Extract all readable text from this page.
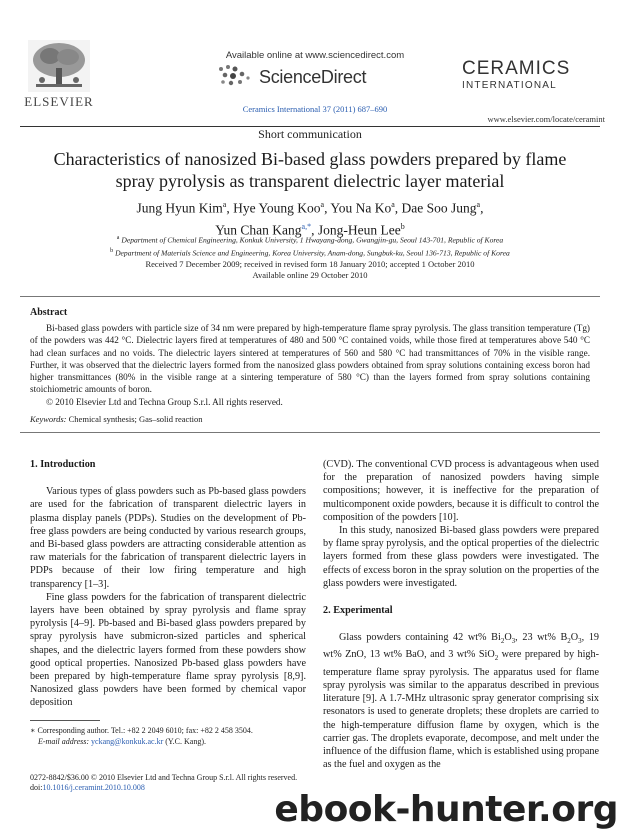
ELSEVIER
Available online at www.sciencedirect.com
ScienceDirect
Ceramics International 37 (2011) 687–690
CERAMICS
INTERNATIONAL
www.elsevier.com/locate/ceramint
Short communication
Characteristics of nanosized Bi-based glass powders prepared by flame spray pyrolysis as transparent dielectric layer material
Jung Hyun Kim$^a$, Hye Young Koo$^a$, You Na Ko$^a$, Dae Soo Jung$^a$,
Yun Chan Kang$^{a,*}$, Jong-Heun Lee$^b$
$^a$ Department of Chemical Engineering, Konkuk University, 1 Hwayang-dong, Gwangjin-gu, Seoul 143-701, Republic of Korea
$^b$ Department of Materials Science and Engineering, Korea University, Anam-dong, Sungbuk-ku, Seoul 136-713, Republic of Korea
Received 7 December 2009; received in revised form 18 January 2010; accepted 1 October 2010
Available online 29 October 2010
Abstract
Bi-based glass powders with particle size of 34 nm were prepared by high-temperature flame spray pyrolysis. The glass transition temperature (Tg) of the powders was 442 °C. Dielectric layers fired at temperatures of 480 and 500 °C contained voids, while those fired at temperatures above 540 °C had clean surfaces and no voids. The dielectric layers sintered at temperatures of 560 and 580 °C had transmittances of 70% in the visible range. Further, it was observed that the dielectric layers formed from the nanosized glass powders obtained from spray solutions containing excess boron had higher transmittances (80% in the visible range at a sintering temperature of 580 °C) than the layers formed from spray solutions containing stoichiometric amounts of boron.
© 2010 Elsevier Ltd and Techna Group S.r.l. All rights reserved.
Keywords: Chemical synthesis; Gas–solid reaction
1. Introduction

Various types of glass powders such as Pb-based glass powders are used for the fabrication of transparent dielectric layers in plasma display panels (PDPs). Studies on the development of Pb-free glass powders are being conducted by various research groups, and Bi-based glass powders are attracting considerable attention as raw materials for the fabrication of transparent dielectric layers in PDPs because of their low firing temperature and high transparency [1–3].

Fine glass powders for the fabrication of transparent dielectric layers have been obtained by spray pyrolysis and flame spray pyrolysis [4–9]. Pb-based and Bi-based glass powders prepared by spray pyrolysis have submicron-sized particles and spherical shapes, and the dielectric layers formed from these powders show good optical properties. Nanosized Pb-based glass powders have been prepared by high-temperature flame spray pyrolysis [8,9]. Nanosized glass powders have been formed by chemical vapor deposition

(CVD). The conventional CVD process is advantageous when used for the preparation of nanosized powders having simple compositions; however, it is ineffective for the preparation of multicomponent oxide powders, because it is difficult to control the composition of the powders [10].

In this study, nanosized Bi-based glass powders were prepared by flame spray pyrolysis, and the optical properties of the dielectric layers formed from these glass powders were investigated. The effects of excess boron in the spray solution on the properties of the glass powders were investigated.

2. Experimental

Glass powders containing 42 wt% $Bi_2O_3$, 23 wt% $B_2O_3$, 19 wt% ZnO, 13 wt% BaO, and 3 wt% SiO$_2$ were prepared by high-temperature flame spray pyrolysis. The apparatus used for flame spray pyrolysis was similar to the apparatus described in previous literature [9]. A 1.7-MHz ultrasonic spray generator comprising six resonators is used to generate droplets; these droplets are carried to the high-temperature diffusion flame by oxygen, which is the carrier gas. The droplets evaporate, decompose, and melt under the influence of the diffusion flame, which is established using propane as the fuel and oxygen as the

∗ Corresponding author. Tel.: +82 2 2049 6010; fax: +82 2 458 3504.
E-mail address: yckang@konkuk.ac.kr (Y.C. Kang).
0272-8842/$36.00 © 2010 Elsevier Ltd and Techna Group S.r.l. All rights reserved.
doi:10.1016/j.ceramint.2010.10.008
ebook-hunter.org
